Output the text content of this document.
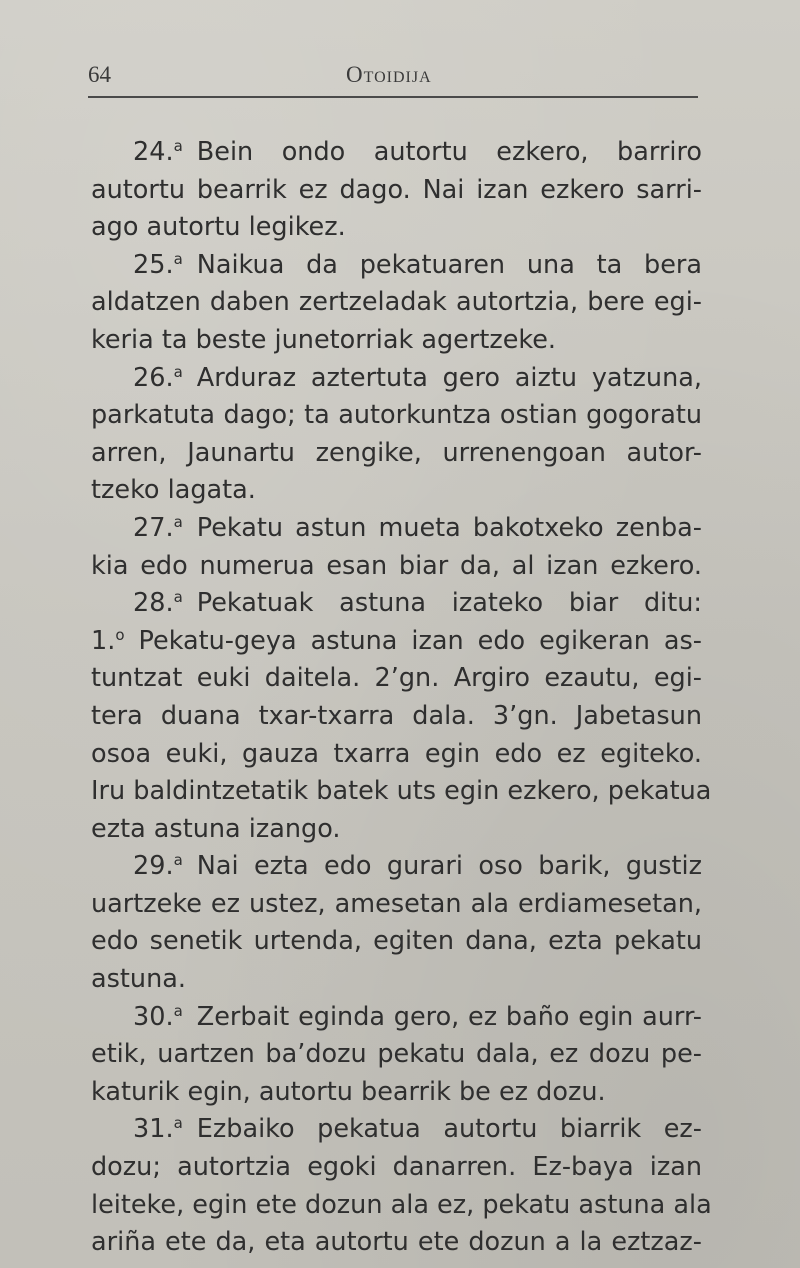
64	Otoidija
24.$^a$ Bein ondo autortu ezkero, barriro
autortu bearrik ez dago. Nai izan ezkero sarri-
ago autortu legikez.
25.$^a$ Naikua da pekatuaren una ta bera
aldatzen daben zertzeladak autortzia, bere egi-
keria ta beste junetorriak agertzeke.
26.$^a$ Arduraz aztertuta gero aiztu yatzuna,
parkatuta dago; ta autorkuntza ostian gogoratu
arren, Jaunartu zengike, urrenengoan autor-
tzeko lagata.
27.$^a$ Pekatu astun mueta bakotxeko zenba-
kia edo numerua esan biar da, al izan ezkero.
28.$^a$ Pekatuak astuna izateko biar ditu:
1.$^o$ Pekatu-geya astuna izan edo egikeran as-
tuntzat euki daitela. 2’gn. Argiro ezautu, egi-
tera duana txar-txarra dala. 3’gn. Jabetasun
osoa euki, gauza txarra egin edo ez egiteko.
Iru baldintzetatik batek uts egin ezkero, pekatua
ezta astuna izango.
29.$^a$ Nai ezta edo gurari oso barik, gustiz
uartzeke ez ustez, amesetan ala erdiamesetan,
edo senetik urtenda, egiten dana, ezta pekatu
astuna.
30.$^a$ Zerbait eginda gero, ez baño egin aurr-
etik, uartzen ba’dozu pekatu dala, ez dozu pe-
katurik egin, autortu bearrik be ez dozu.
31.$^a$ Ezbaiko pekatua autortu biarrik ez-
dozu; autortzia egoki danarren. Ez-baya izan
leiteke, egin ete dozun ala ez, pekatu astuna ala
ariña ete da, eta autortu ete dozun a la eztzaz-
